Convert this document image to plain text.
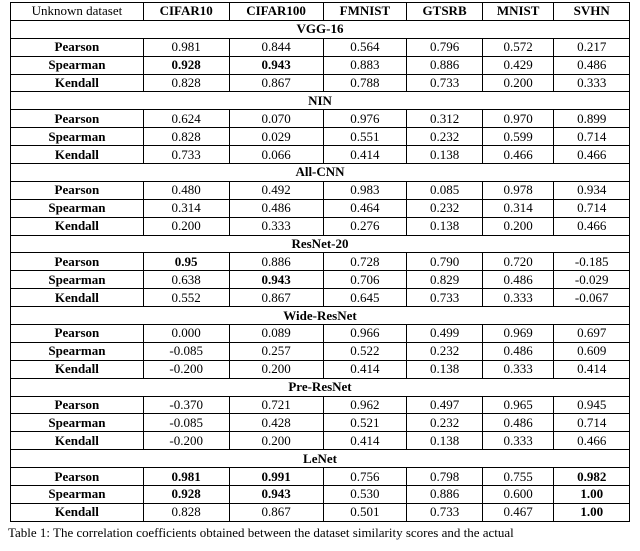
Unknown dataset	CIFAR10	CIFAR100	FMNIST	GTSRB	MNIST	SVHN
VGG-16						
Pearson	0.981	0.844	0.564	0.796	0.572	0.217
Spearman	0.928	0.943	0.883	0.886	0.429	0.486
Kendall	0.828	0.867	0.788	0.733	0.200	0.333
NIN						
Pearson	0.624	0.070	0.976	0.312	0.970	0.899
Spearman	0.828	0.029	0.551	0.232	0.599	0.714
Kendall	0.733	0.066	0.414	0.138	0.466	0.466
All-CNN						
Pearson	0.480	0.492	0.983	0.085	0.978	0.934
Spearman	0.314	0.486	0.464	0.232	0.314	0.714
Kendall	0.200	0.333	0.276	0.138	0.200	0.466
ResNet-20						
Pearson	0.95	0.886	0.728	0.790	0.720	-0.185
Spearman	0.638	0.943	0.706	0.829	0.486	-0.029
Kendall	0.552	0.867	0.645	0.733	0.333	-0.067
Wide-ResNet						
Pearson	0.000	0.089	0.966	0.499	0.969	0.697
Spearman	-0.085	0.257	0.522	0.232	0.486	0.609
Kendall	-0.200	0.200	0.414	0.138	0.333	0.414
Pre-ResNet						
Pearson	-0.370	0.721	0.962	0.497	0.965	0.945
Spearman	-0.085	0.428	0.521	0.232	0.486	0.714
Kendall	-0.200	0.200	0.414	0.138	0.333	0.466
LeNet						
Pearson	0.981	0.991	0.756	0.798	0.755	0.982
Spearman	0.928	0.943	0.530	0.886	0.600	1.00
Kendall	0.828	0.867	0.501	0.733	0.467	1.00
Table 1: The correlation coefficients obtained between the dataset similarity scores and the actual
